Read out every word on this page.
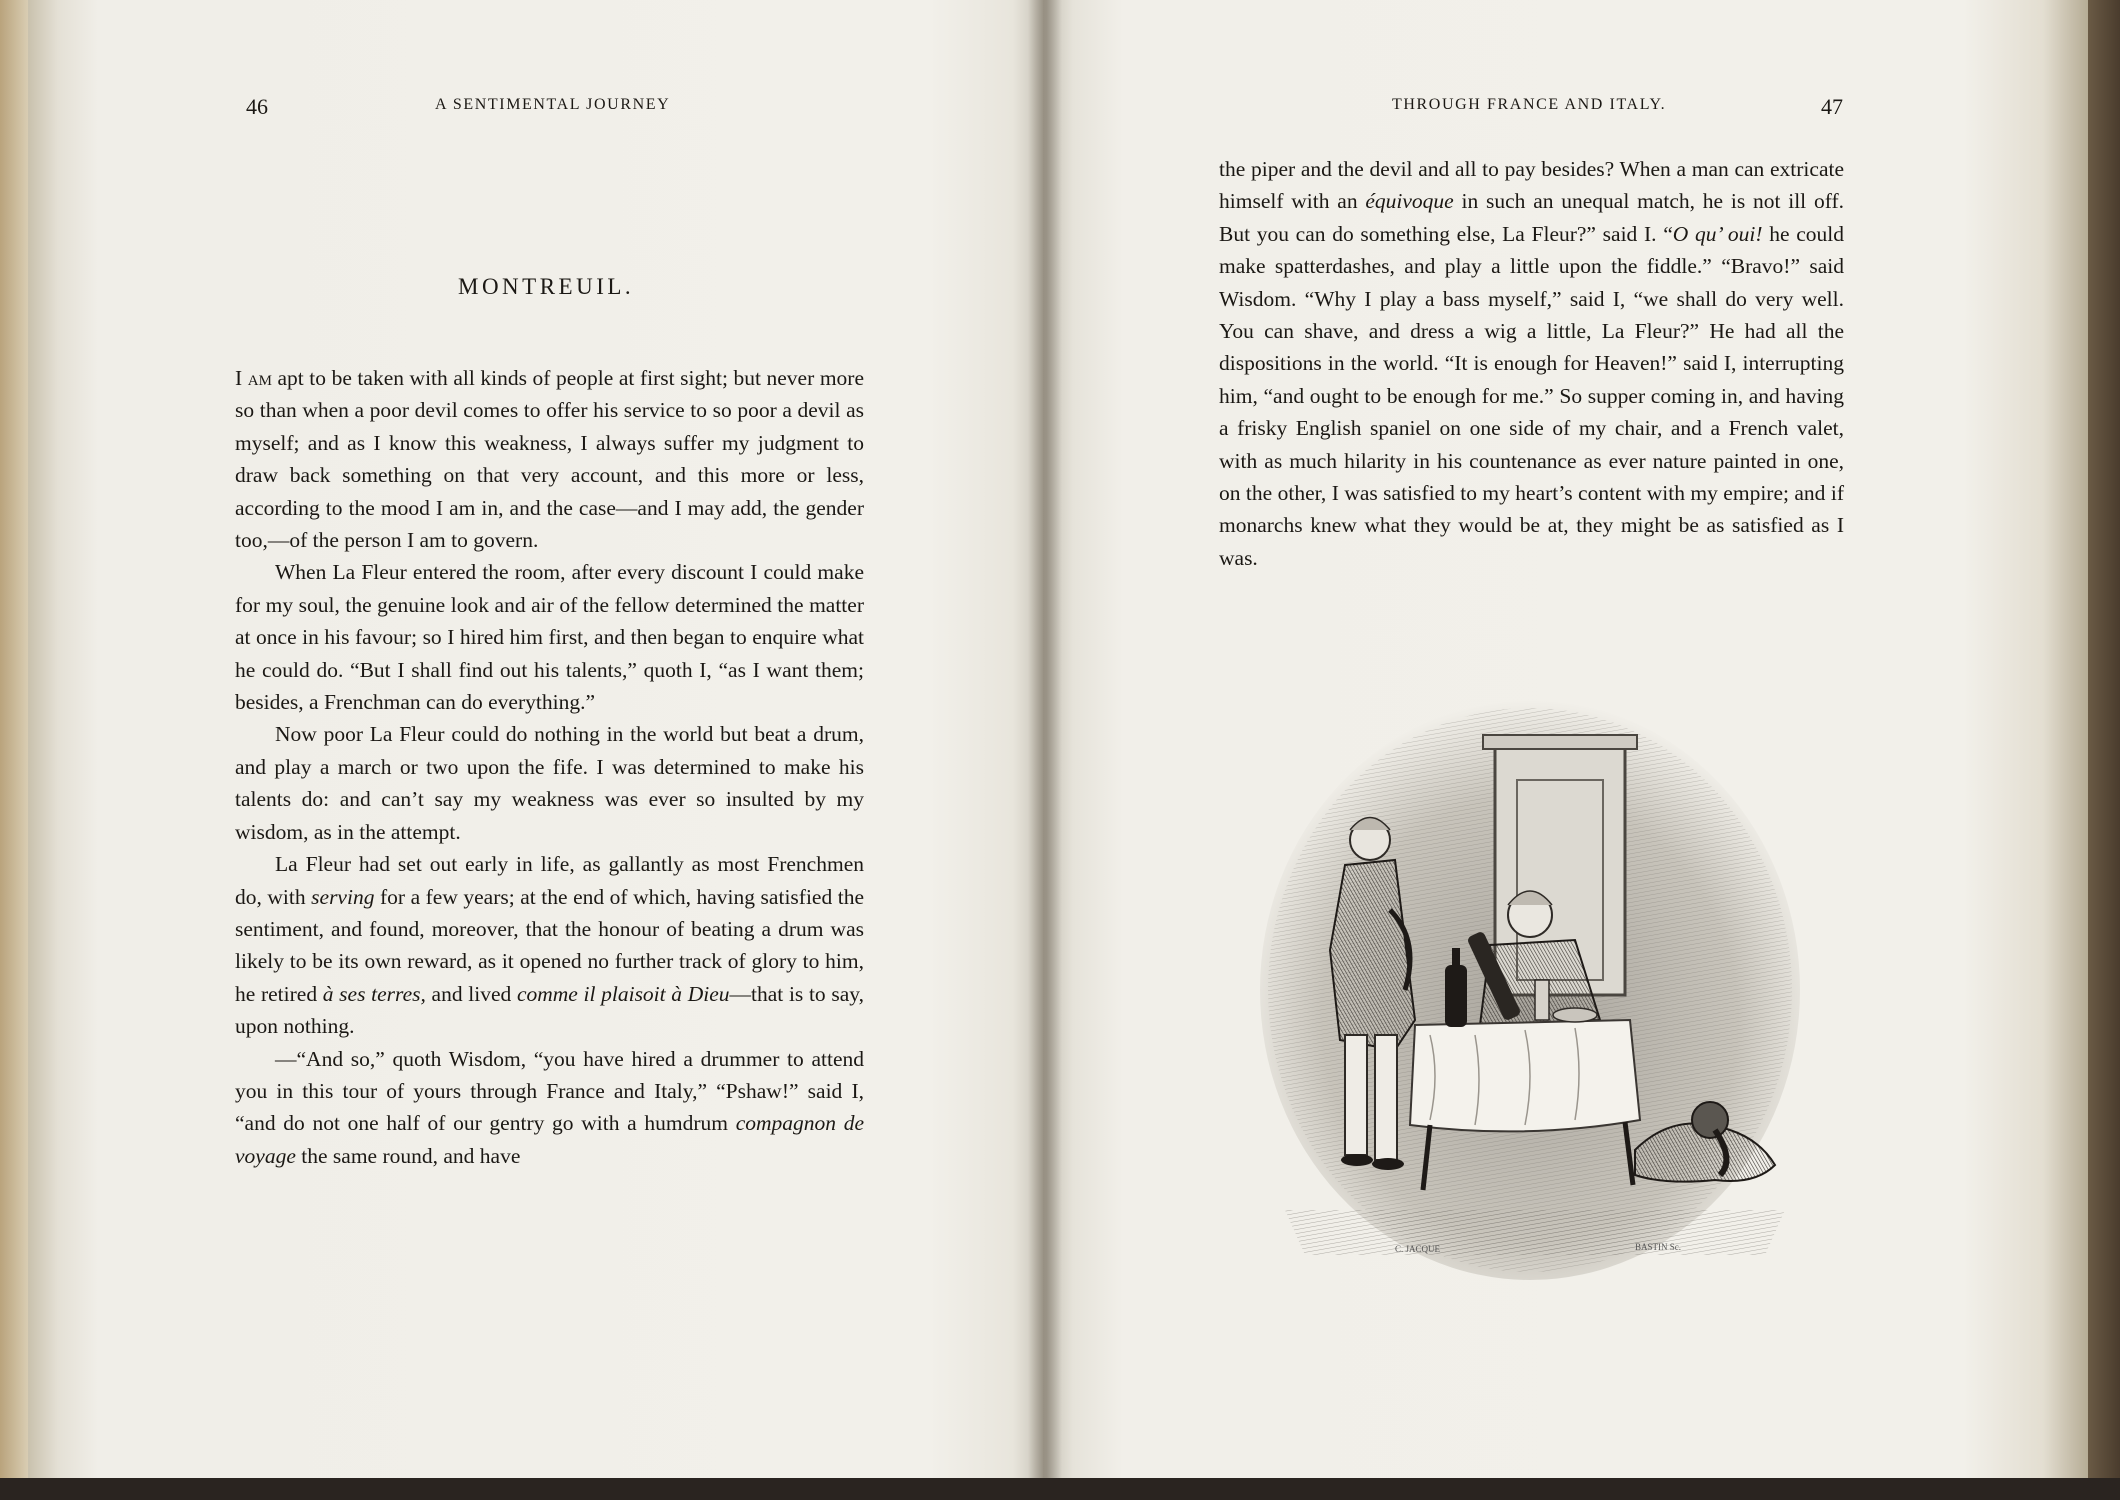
A SENTIMENTAL JOURNEY
46
MONTREUIL.

I am apt to be taken with all kinds of people at first sight; but never more so than when a poor devil comes to offer his service to so poor a devil as myself; and as I know this weakness, I always suffer my judgment to draw back something on that very account, and this more or less, according to the mood I am in, and the case—and I may add, the gender too,—of the person I am to govern.

When La Fleur entered the room, after every discount I could make for my soul, the genuine look and air of the fellow determined the matter at once in his favour; so I hired him first, and then began to enquire what he could do. “But I shall find out his talents,” quoth I, “as I want them; besides, a Frenchman can do everything.”

Now poor La Fleur could do nothing in the world but beat a drum, and play a march or two upon the fife. I was determined to make his talents do: and can’t say my weakness was ever so insulted by my wisdom, as in the attempt.

La Fleur had set out early in life, as gallantly as most Frenchmen do, with serving for a few years; at the end of which, having satisfied the sentiment, and found, moreover, that the honour of beating a drum was likely to be its own reward, as it opened no further track of glory to him, he retired à ses terres, and lived comme il plaisoit à Dieu—that is to say, upon nothing.

—“And so,” quoth Wisdom, “you have hired a drummer to attend you in this tour of yours through France and Italy,” “Pshaw!” said I, “and do not one half of our gentry go with a humdrum compagnon de voyage the same round, and have

THROUGH FRANCE AND ITALY.	47

the piper and the devil and all to pay besides? When a man can extricate himself with an équivoque in such an unequal match, he is not ill off. But you can do something else, La Fleur?” said I. “O qu’ oui! he could make spatterdashes, and play a little upon the fiddle.” “Bravo!” said Wisdom. “Why I play a bass myself,” said I, “we shall do very well. You can shave, and dress a wig a little, La Fleur?” He had all the dispositions in the world. “It is enough for Heaven!” said I, interrupting him, “and ought to be enough for me.” So supper coming in, and having a frisky English spaniel on one side of my chair, and a French valet, with as much hilarity in his countenance as ever nature painted in one, on the other, I was satisfied to my heart’s content with my empire; and if monarchs knew what they would be at, they might be as satisfied as I was.

C. JACQUE	BASTIN Sc.
